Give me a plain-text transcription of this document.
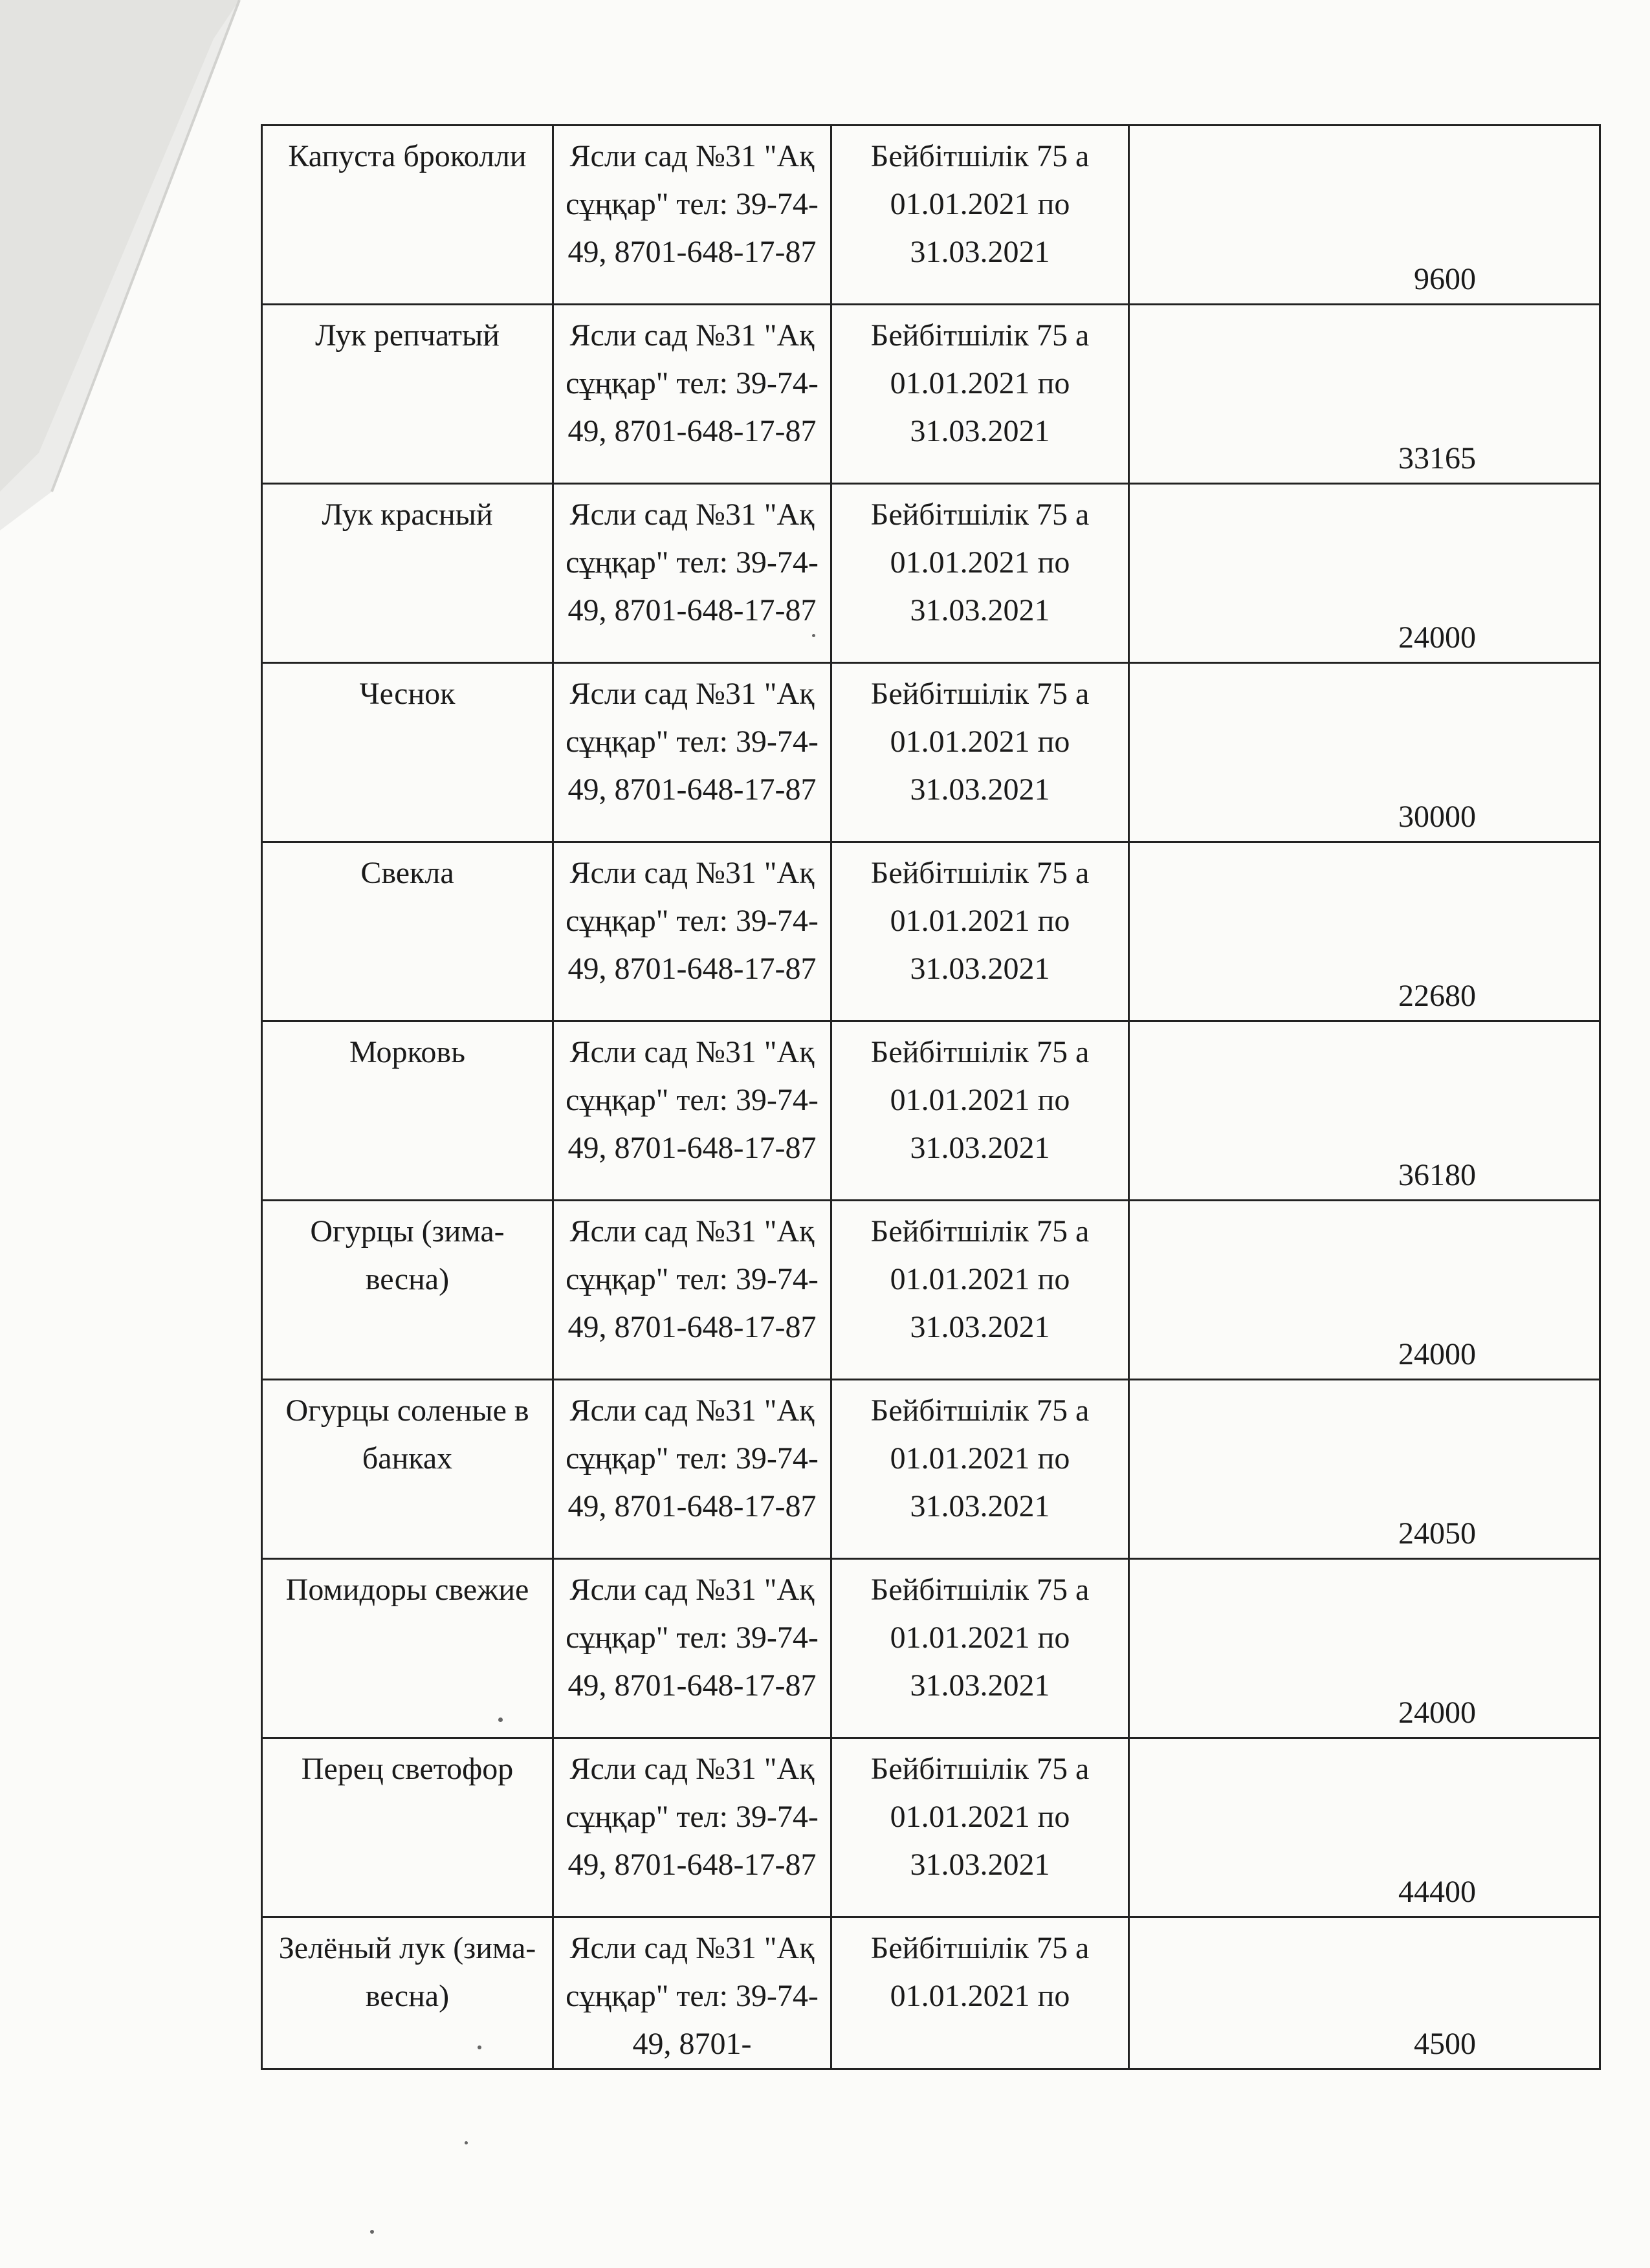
Капуста броколли	Ясли сад №31 "Ақ сұңқар" тел: 39-74-49, 8701-648-17-87	Бейбітшілік 75 а 01.01.2021 по 31.03.2021	9600
Лук репчатый	Ясли сад №31 "Ақ сұңқар" тел: 39-74-49, 8701-648-17-87	Бейбітшілік 75 а 01.01.2021 по 31.03.2021	33165
Лук красный	Ясли сад №31 "Ақ сұңқар" тел: 39-74-49, 8701-648-17-87	Бейбітшілік 75 а 01.01.2021 по 31.03.2021	24000
Чеснок	Ясли сад №31 "Ақ сұңқар" тел: 39-74-49, 8701-648-17-87	Бейбітшілік 75 а 01.01.2021 по 31.03.2021	30000
Свекла	Ясли сад №31 "Ақ сұңқар" тел: 39-74-49, 8701-648-17-87	Бейбітшілік 75 а 01.01.2021 по 31.03.2021	22680
Морковь	Ясли сад №31 "Ақ сұңқар" тел: 39-74-49, 8701-648-17-87	Бейбітшілік 75 а 01.01.2021 по 31.03.2021	36180
Огурцы (зима-весна)	Ясли сад №31 "Ақ сұңқар" тел: 39-74-49, 8701-648-17-87	Бейбітшілік 75 а 01.01.2021 по 31.03.2021	24000
Огурцы соленые в банках	Ясли сад №31 "Ақ сұңқар" тел: 39-74-49, 8701-648-17-87	Бейбітшілік 75 а 01.01.2021 по 31.03.2021	24050
Помидоры свежие	Ясли сад №31 "Ақ сұңқар" тел: 39-74-49, 8701-648-17-87	Бейбітшілік 75 а 01.01.2021 по 31.03.2021	24000
Перец светофор	Ясли сад №31 "Ақ сұңқар" тел: 39-74-49, 8701-648-17-87	Бейбітшілік 75 а 01.01.2021 по 31.03.2021	44400
Зелёный лук (зима- весна)	Ясли сад №31 "Ақ сұңқар" тел: 39-74-49, 8701-	Бейбітшілік 75 а 01.01.2021 по	4500
